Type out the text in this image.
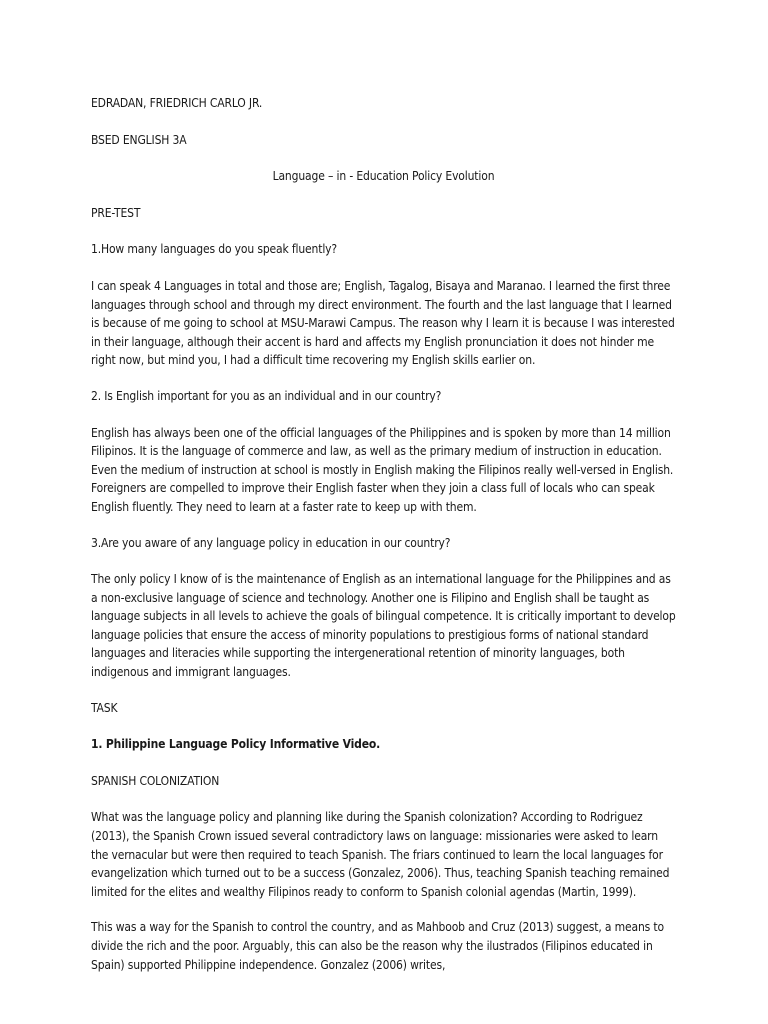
EDRADAN, FRIEDRICH CARLO JR.

BSED ENGLISH 3A

Language – in - Education Policy Evolution

PRE-TEST

1.How many languages do you speak fluently?

I can speak 4 Languages in total and those are; English, Tagalog, Bisaya and Maranao. I learned the first three languages through school and through my direct environment. The fourth and the last language that I learned is because of me going to school at MSU-Marawi Campus. The reason why I learn it is because I was interested in their language, although their accent is hard and affects my English pronunciation it does not hinder me right now, but mind you, I had a difficult time recovering my English skills earlier on.

2. Is English important for you as an individual and in our country?

English has always been one of the official languages of the Philippines and is spoken by more than 14 million Filipinos. It is the language of commerce and law, as well as the primary medium of instruction in education. Even the medium of instruction at school is mostly in English making the Filipinos really well-versed in English. Foreigners are compelled to improve their English faster when they join a class full of locals who can speak English fluently. They need to learn at a faster rate to keep up with them.

3.Are you aware of any language policy in education in our country?

The only policy I know of is the maintenance of English as an international language for the Philippines and as a non-exclusive language of science and technology. Another one is Filipino and English shall be taught as language subjects in all levels to achieve the goals of bilingual competence. It is critically important to develop language policies that ensure the access of minority populations to prestigious forms of national standard languages and literacies while supporting the intergenerational retention of minority languages, both indigenous and immigrant languages.

TASK

1. Philippine Language Policy Informative Video.

SPANISH COLONIZATION

What was the language policy and planning like during the Spanish colonization? According to Rodriguez (2013), the Spanish Crown issued several contradictory laws on language: missionaries were asked to learn the vernacular but were then required to teach Spanish. The friars continued to learn the local languages for evangelization which turned out to be a success (Gonzalez, 2006). Thus, teaching Spanish teaching remained limited for the elites and wealthy Filipinos ready to conform to Spanish colonial agendas (Martin, 1999).

This was a way for the Spanish to control the country, and as Mahboob and Cruz (2013) suggest, a means to divide the rich and the poor. Arguably, this can also be the reason why the ilustrados (Filipinos educated in Spain) supported Philippine independence. Gonzalez (2006) writes,
